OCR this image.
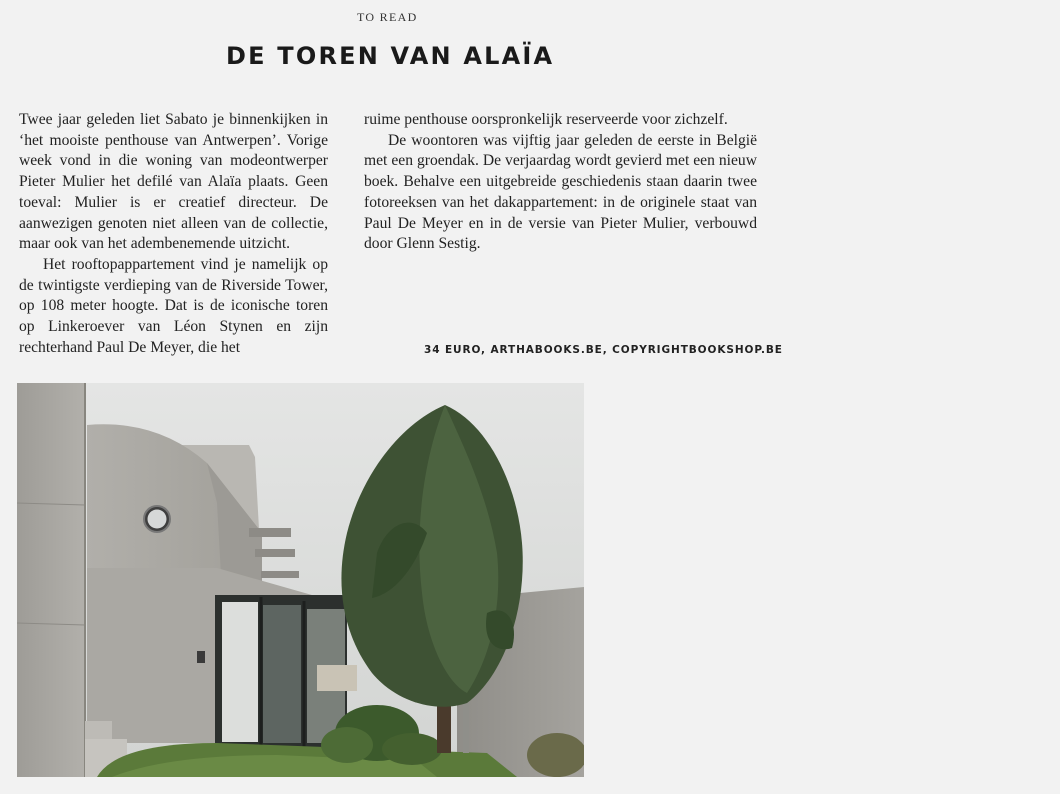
TO READ
DE TOREN VAN ALAÏA

Twee jaar geleden liet Sabato je binnenkijken in ‘het mooiste penthouse van Antwerpen’. Vorige week vond in die woning van modeontwerper Pieter Mulier het defilé van Alaïa plaats. Geen toeval: Mulier is er creatief directeur. De aanwezigen genoten niet alleen van de collectie, maar ook van het adembenemende uitzicht.

Het rooftopappartement vind je namelijk op de twintigste verdieping van de Riverside Tower, op 108 meter hoogte. Dat is de iconische toren op Linkeroever van Léon Stynen en zijn rechterhand Paul De Meyer, die het

ruime penthouse oorspronkelijk reserveerde voor zichzelf.

De woontoren was vijftig jaar geleden de eerste in België met een groendak. De verjaardag wordt gevierd met een nieuw boek. Behalve een uitgebreide geschiedenis staan daarin twee fotoreeksen van het dakappartement: in de originele staat van Paul De Meyer en in de versie van Pieter Mulier, verbouwd door Glenn Sestig.

34 EURO, ARTHABOOKS.BE, COPYRIGHTBOOKSHOP.BE
